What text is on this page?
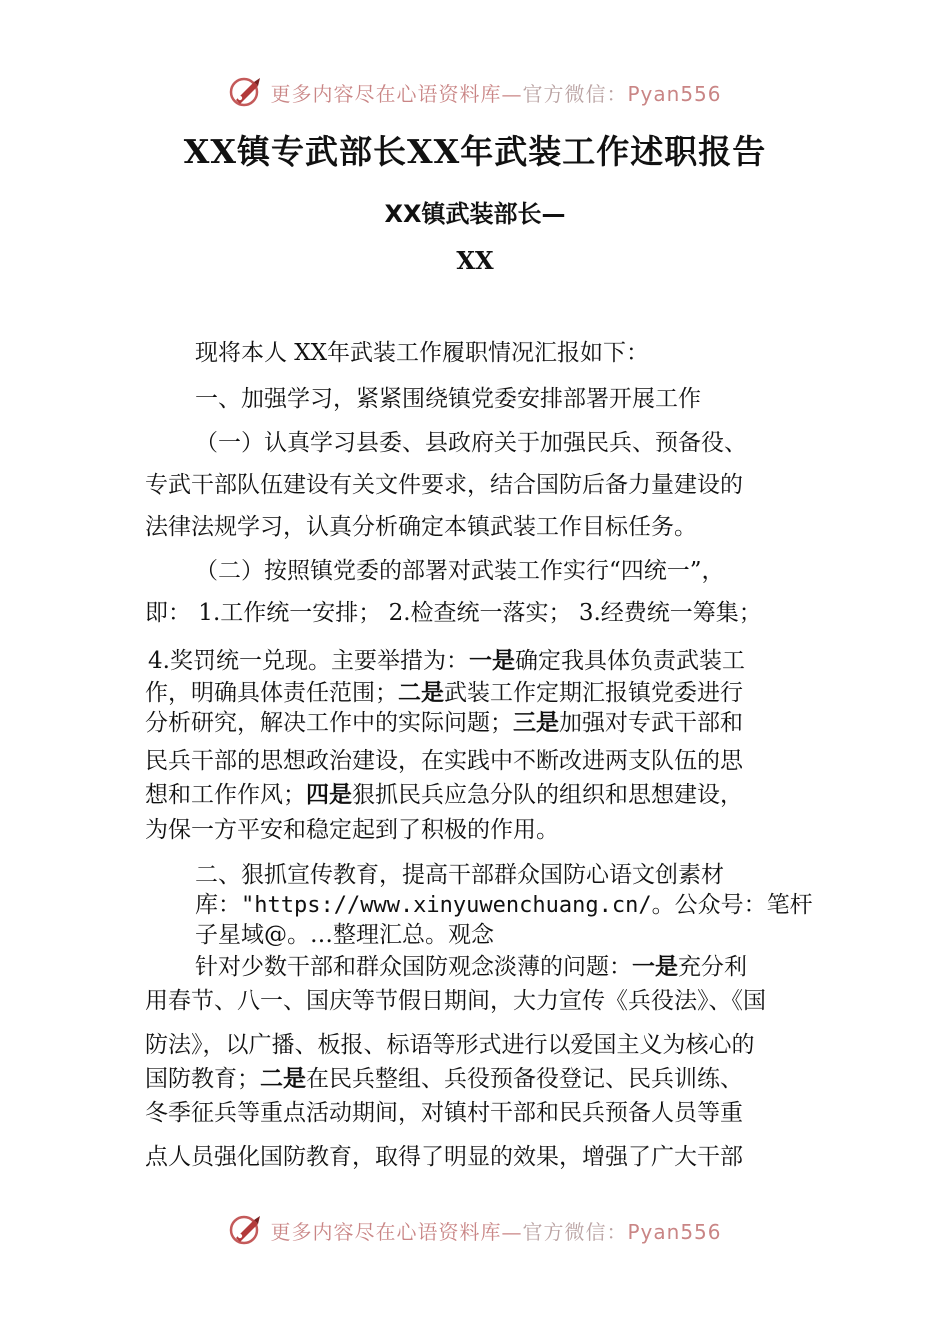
更多内容尽在心语资料库—官方微信：Pyan556
XX镇专武部长XX年武装工作述职报告
XX镇武装部长—
XX
现将本人 XX年武装工作履职情况汇报如下：
一、加强学习，紧紧围绕镇党委安排部署开展工作
（一）认真学习县委、县政府关于加强民兵、预备役、
专武干部队伍建设有关文件要求，结合国防后备力量建设的
法律法规学习，认真分析确定本镇武装工作目标任务。
（二）按照镇党委的部署对武装工作实行“四统一”，
即： 1.工作统一安排； 2.检查统一落实； 3.经费统一筹集；
4.奖罚统一兑现。主要举措为：一是确定我具体负责武装工
作，明确具体责任范围；二是武装工作定期汇报镇党委进行
分析研究，解决工作中的实际问题；三是加强对专武干部和
民兵干部的思想政治建设，在实践中不断改进两支队伍的思
想和工作作风；四是狠抓民兵应急分队的组织和思想建设，
为保一方平安和稳定起到了积极的作用。
二、狠抓宣传教育，提高干部群众国防心语文创素材
库："https://www.xinyuwenchuang.cn/。公众号：笔杆
子星域@。…整理汇总。观念
针对少数干部和群众国防观念淡薄的问题：一是充分利
用春节、八一、国庆等节假日期间，大力宣传《兵役法》、《国
防法》，以广播、板报、标语等形式进行以爱国主义为核心的
国防教育；二是在民兵整组、兵役预备役登记、民兵训练、
冬季征兵等重点活动期间，对镇村干部和民兵预备人员等重
点人员强化国防教育，取得了明显的效果，增强了广大干部
更多内容尽在心语资料库—官方微信：Pyan556
